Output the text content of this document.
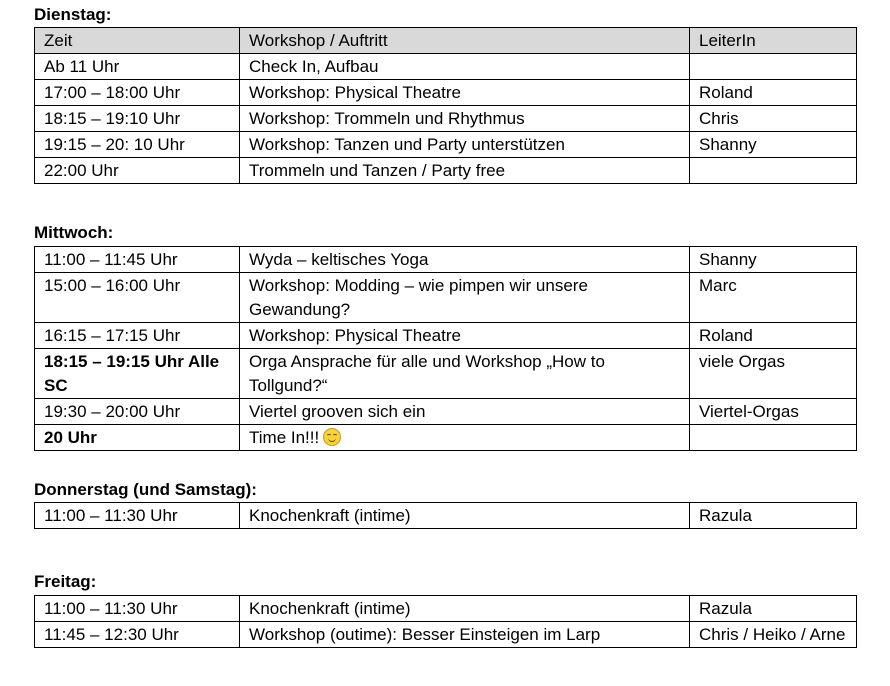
Dienstag:

Zeit	Workshop / Auftritt	LeiterIn
Ab 11 Uhr	Check In, Aufbau	
17:00 – 18:00 Uhr	Workshop: Physical Theatre	Roland
18:15 – 19:10 Uhr	Workshop: Trommeln und Rhythmus	Chris
19:15 – 20: 10 Uhr	Workshop: Tanzen und Party unterstützen	Shanny
22:00 Uhr	Trommeln und Tanzen / Party free	

Mittwoch:

11:00 – 11:45 Uhr	Wyda – keltisches Yoga	Shanny
15:00 – 16:00 Uhr	Workshop: Modding – wie pimpen wir unsere Gewandung?	Marc
16:15 – 17:15 Uhr	Workshop: Physical Theatre	Roland
18:15 – 19:15 Uhr Alle SC	Orga Ansprache für alle und Workshop „How to Tollgund?“	viele Orgas
19:30 – 20:00 Uhr	Viertel grooven sich ein	Viertel-Orgas
20 Uhr	Time In!!!

Donnerstag (und Samstag):

11:00 – 11:30 Uhr	Knochenkraft (intime)	Razula

Freitag:

11:00 – 11:30 Uhr	Knochenkraft (intime)	Razula
11:45 – 12:30 Uhr	Workshop (outime): Besser Einsteigen im Larp	Chris / Heiko / Arne
